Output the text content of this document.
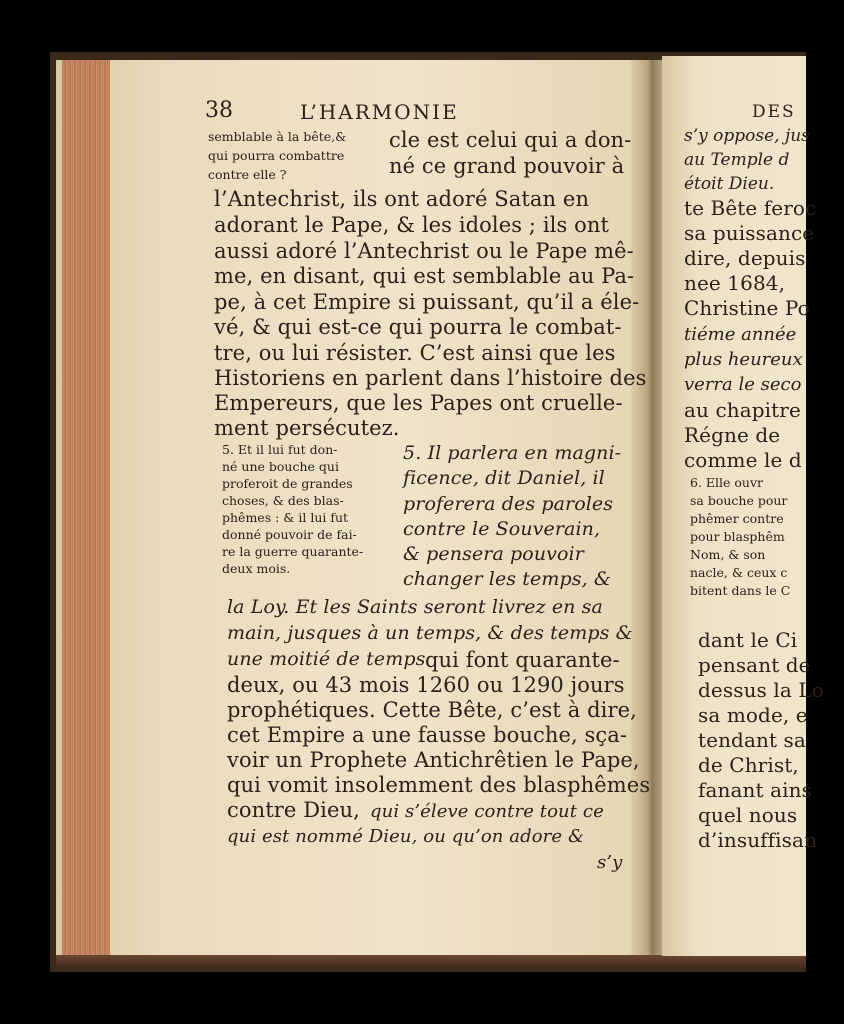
38	L’HARMONIE
semblable à la bête,&
qui pourra combattre
contre elle ?
cle est celui qui a don-
né ce grand pouvoir à
l’Antechrist, ils ont adoré Satan en
adorant le Pape, & les idoles ; ils ont
aussi adoré l’Antechrist ou le Pape mê-
me, en disant, qui est semblable au Pa-
pe, à cet Empire si puissant, qu’il a éle-
vé, & qui est-ce qui pourra le combat-
tre, ou lui résister. C’est ainsi que les
Historiens en parlent dans l’histoire des
Empereurs, que les Papes ont cruelle-
ment persécutez.
5. Et il lui fut don-
né une bouche qui
proferoit de grandes
choses, & des blas-
phêmes : & il lui fut
donné pouvoir de fai-
re la guerre quarante-
deux mois.
5. Il parlera en magni-
ficence, dit Daniel, il
proferera des paroles
contre le Souverain,
& pensera pouvoir
changer les temps, &
la Loy. Et les Saints seront livrez en sa
main, jusques à un temps, & des temps &
une moitié de temps qui font quarante-
deux, ou 43 mois 1260 ou 1290 jours
prophétiques. Cette Bête, c’est à dire,
cet Empire a une fausse bouche, sça-
voir un Prophete Antichrêtien le Pape,
qui vomit insolemment des blasphêmes
contre Dieu, qui s’éleve contre tout ce
qui est nommé Dieu, ou qu’on adore &
s’y
DES
s’y oppose, jus
au Temple d
étoit Dieu.
te Bête feroc
sa puissance
dire, depuis
nee 1684,
Christine Po
tiéme année
plus heureux
verra le seco
au chapitre
Régne de
comme le d
6. Elle ouvr
sa bouche pour
phêmer contre
pour blasphêm
Nom, & son
nacle, & ceux c
bitent dans le C
dant le Ci
pensant de
dessus la Lo
sa mode, e
tendant sa
de Christ,
fanant ains
quel nous
d’insuffisan
